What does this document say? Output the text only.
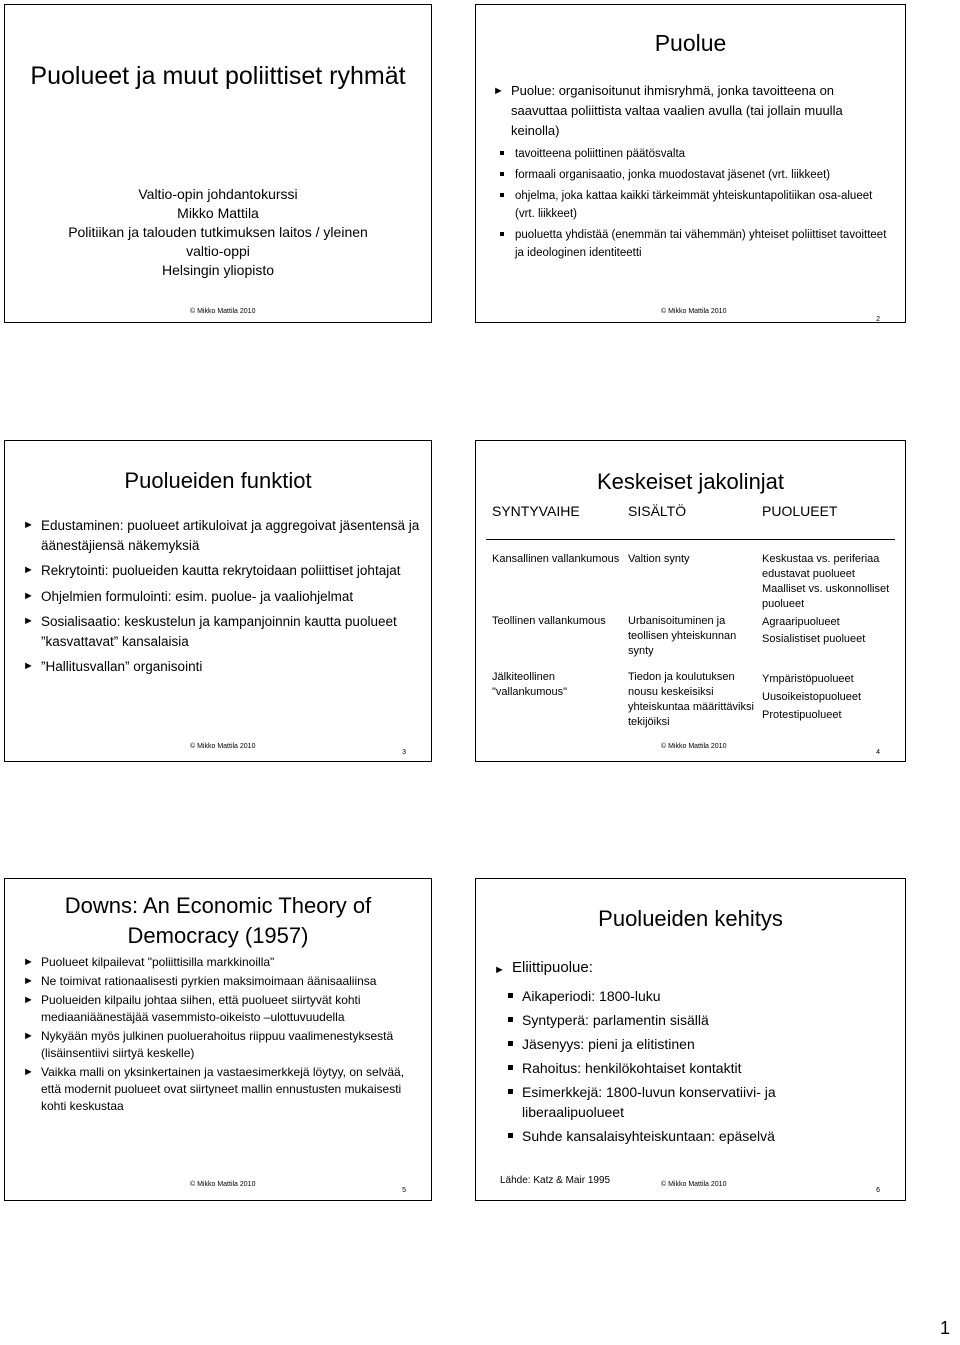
Puolueet ja muut poliittiset ryhmät
Valtio-opin johdantokurssi
Mikko Mattila
Politiikan ja talouden tutkimuksen laitos / yleinen valtio-oppi
Helsingin yliopisto
© Mikko Mattila 2010
Puolue
► Puolue: organisoitunut ihmisryhmä, jonka tavoitteena on saavuttaa poliittista valtaa vaalien avulla (tai jollain muulla keinolla)
tavoitteena poliittinen päätösvalta
formaali organisaatio, jonka muodostavat jäsenet (vrt. liikkeet)
ohjelma, joka kattaa kaikki tärkeimmät yhteiskuntapolitiikan osa-alueet (vrt. liikkeet)
puoluetta yhdistää (enemmän tai vähemmän) yhteiset poliittiset tavoitteet ja ideologinen identiteetti
© Mikko Mattila 2010
2
Puolueiden funktiot
► Edustaminen: puolueet artikuloivat ja aggregoivat jäsentensä ja äänestäjiensä näkemyksiä
► Rekrytointi: puolueiden kautta rekrytoidaan poliittiset johtajat
► Ohjelmien formulointi: esim. puolue- ja vaaliohjelmat
► Sosialisaatio: keskustelun ja kampanjoinnin kautta puolueet ”kasvattavat” kansalaisia
► ”Hallitusvallan” organisointi
© Mikko Mattila 2010
3
Keskeiset jakolinjat
SYNTYVAIHE	SISÄLTÖ	PUOLUEET
Kansallinen vallankumous	Valtion synty	Keskustaa vs. periferiaa edustavat puolueet
Maalliset vs. uskonnolliset puolueet
Teollinen vallankumous	Urbanisoituminen ja teollisen yhteiskunnan synty	Agraaripuolueet
Sosialistiset puolueet
Jälkiteollinen "vallankumous"	Tiedon ja koulutuksen nousu keskeisiksi yhteiskuntaa määrittäviksi tekijöiksi	Ympäristöpuolueet
Uusoikeistopuolueet
Protestipuolueet
© Mikko Mattila 2010
4
Downs: An Economic Theory of Democracy (1957)
► Puolueet kilpailevat "poliittisilla markkinoilla"
► Ne toimivat rationaalisesti pyrkien maksimoimaan äänisaaliinsa
► Puolueiden kilpailu johtaa siihen, että puolueet siirtyvät kohti mediaaniäänestäjää vasemmisto-oikeisto –ulottuvuudella
► Nykyään myös julkinen puoluerahoitus riippuu vaalimenestyksestä (lisäinsentiivi siirtyä keskelle)
► Vaikka malli on yksinkertainen ja vastaesimerkkejä löytyy, on selvää, että modernit puolueet ovat siirtyneet mallin ennustusten mukaisesti kohti keskustaa
© Mikko Mattila 2010
5
Puolueiden kehitys
► Eliittipuolue:
Aikaperiodi: 1800-luku
Syntyperä: parlamentin sisällä
Jäsenyys: pieni ja elitistinen
Rahoitus: henkilökohtaiset kontaktit
Esimerkkejä: 1800-luvun konservatiivi- ja liberaalipuolueet
Suhde kansalaisyhteiskuntaan: epäselvä
Lähde: Katz & Mair 1995	© Mikko Mattila 2010
6
1
